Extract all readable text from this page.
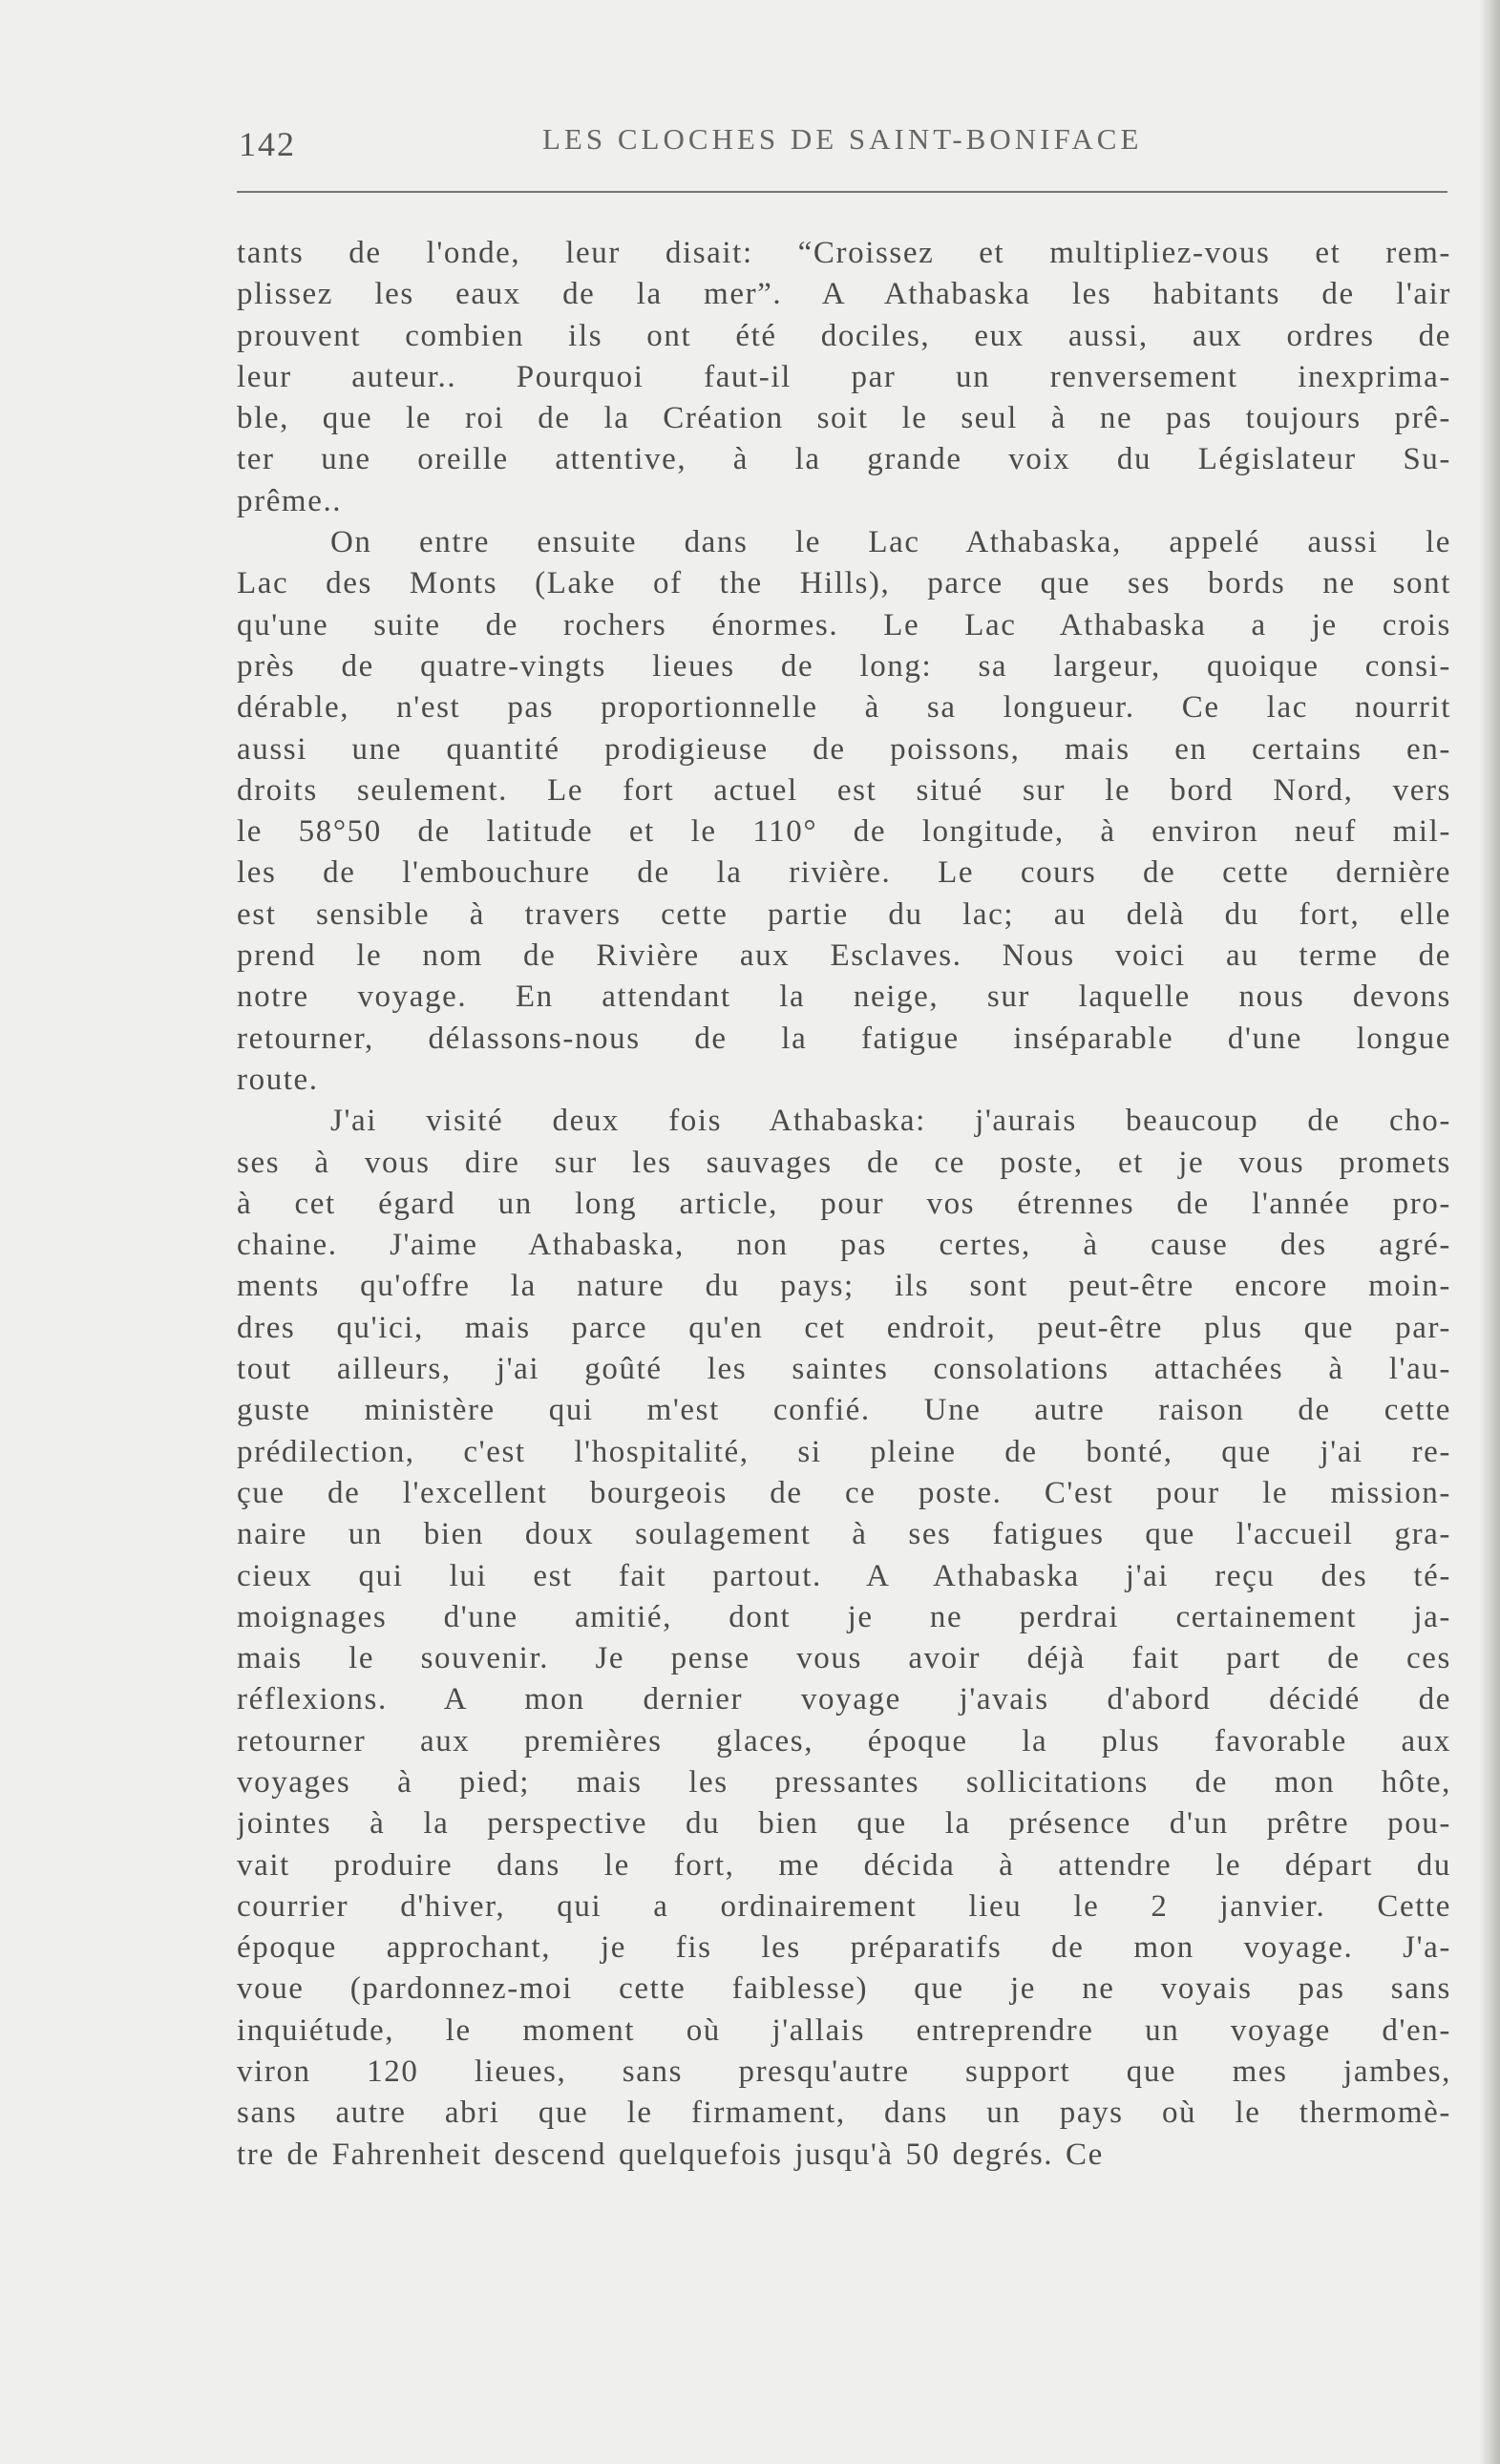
142	LES CLOCHES DE SAINT-BONIFACE
tants de l'onde, leur disait: “Croissez et multipliez-vous et rem-
plissez les eaux de la mer”. A Athabaska les habitants de l'air
prouvent combien ils ont été dociles, eux aussi, aux ordres de
leur auteur.. Pourquoi faut-il par un renversement inexprima-
ble, que le roi de la Création soit le seul à ne pas toujours prê-
ter une oreille attentive, à la grande voix du Législateur Su-
prême..
On entre ensuite dans le Lac Athabaska, appelé aussi le
Lac des Monts (Lake of the Hills), parce que ses bords ne sont
qu'une suite de rochers énormes. Le Lac Athabaska a je crois
près de quatre-vingts lieues de long: sa largeur, quoique consi-
dérable, n'est pas proportionnelle à sa longueur. Ce lac nourrit
aussi une quantité prodigieuse de poissons, mais en certains en-
droits seulement. Le fort actuel est situé sur le bord Nord, vers
le 58°50 de latitude et le 110° de longitude, à environ neuf mil-
les de l'embouchure de la rivière. Le cours de cette dernière
est sensible à travers cette partie du lac; au delà du fort, elle
prend le nom de Rivière aux Esclaves. Nous voici au terme de
notre voyage. En attendant la neige, sur laquelle nous devons
retourner, délassons-nous de la fatigue inséparable d'une longue
route.
J'ai visité deux fois Athabaska: j'aurais beaucoup de cho-
ses à vous dire sur les sauvages de ce poste, et je vous promets
à cet égard un long article, pour vos étrennes de l'année pro-
chaine. J'aime Athabaska, non pas certes, à cause des agré-
ments qu'offre la nature du pays; ils sont peut-être encore moin-
dres qu'ici, mais parce qu'en cet endroit, peut-être plus que par-
tout ailleurs, j'ai goûté les saintes consolations attachées à l'au-
guste ministère qui m'est confié. Une autre raison de cette
prédilection, c'est l'hospitalité, si pleine de bonté, que j'ai re-
çue de l'excellent bourgeois de ce poste. C'est pour le mission-
naire un bien doux soulagement à ses fatigues que l'accueil gra-
cieux qui lui est fait partout. A Athabaska j'ai reçu des té-
moignages d'une amitié, dont je ne perdrai certainement ja-
mais le souvenir. Je pense vous avoir déjà fait part de ces
réflexions. A mon dernier voyage j'avais d'abord décidé de
retourner aux premières glaces, époque la plus favorable aux
voyages à pied; mais les pressantes sollicitations de mon hôte,
jointes à la perspective du bien que la présence d'un prêtre pou-
vait produire dans le fort, me décida à attendre le départ du
courrier d'hiver, qui a ordinairement lieu le 2 janvier. Cette
époque approchant, je fis les préparatifs de mon voyage. J'a-
voue (pardonnez-moi cette faiblesse) que je ne voyais pas sans
inquiétude, le moment où j'allais entreprendre un voyage d'en-
viron 120 lieues, sans presqu'autre support que mes jambes,
sans autre abri que le firmament, dans un pays où le thermomè-
tre de Fahrenheit descend quelquefois jusqu'à 50 degrés. Ce
